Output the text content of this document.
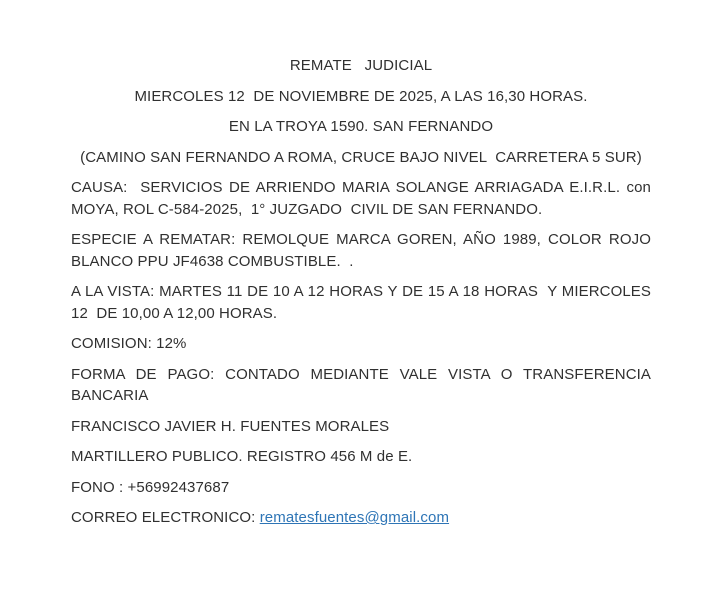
REMATE   JUDICIAL

MIERCOLES 12  DE NOVIEMBRE DE 2025, A LAS 16,30 HORAS.

EN LA TROYA 1590. SAN FERNANDO

(CAMINO SAN FERNANDO A ROMA, CRUCE BAJO NIVEL  CARRETERA 5 SUR)

CAUSA:  SERVICIOS DE ARRIENDO MARIA SOLANGE ARRIAGADA E.I.R.L. con MOYA, ROL C-584-2025,  1° JUZGADO  CIVIL DE SAN FERNANDO.

ESPECIE A REMATAR: REMOLQUE MARCA GOREN, AÑO 1989, COLOR ROJO BLANCO PPU JF4638 COMBUSTIBLE.  .

A LA VISTA: MARTES 11 DE 10 A 12 HORAS Y DE 15 A 18 HORAS  Y MIERCOLES 12  DE 10,00 A 12,00 HORAS.

COMISION: 12%

FORMA DE PAGO: CONTADO MEDIANTE VALE VISTA O TRANSFERENCIA BANCARIA

FRANCISCO JAVIER H. FUENTES MORALES

MARTILLERO PUBLICO. REGISTRO 456 M de E.

FONO : +56992437687

CORREO ELECTRONICO: rematesfuentes@gmail.com
